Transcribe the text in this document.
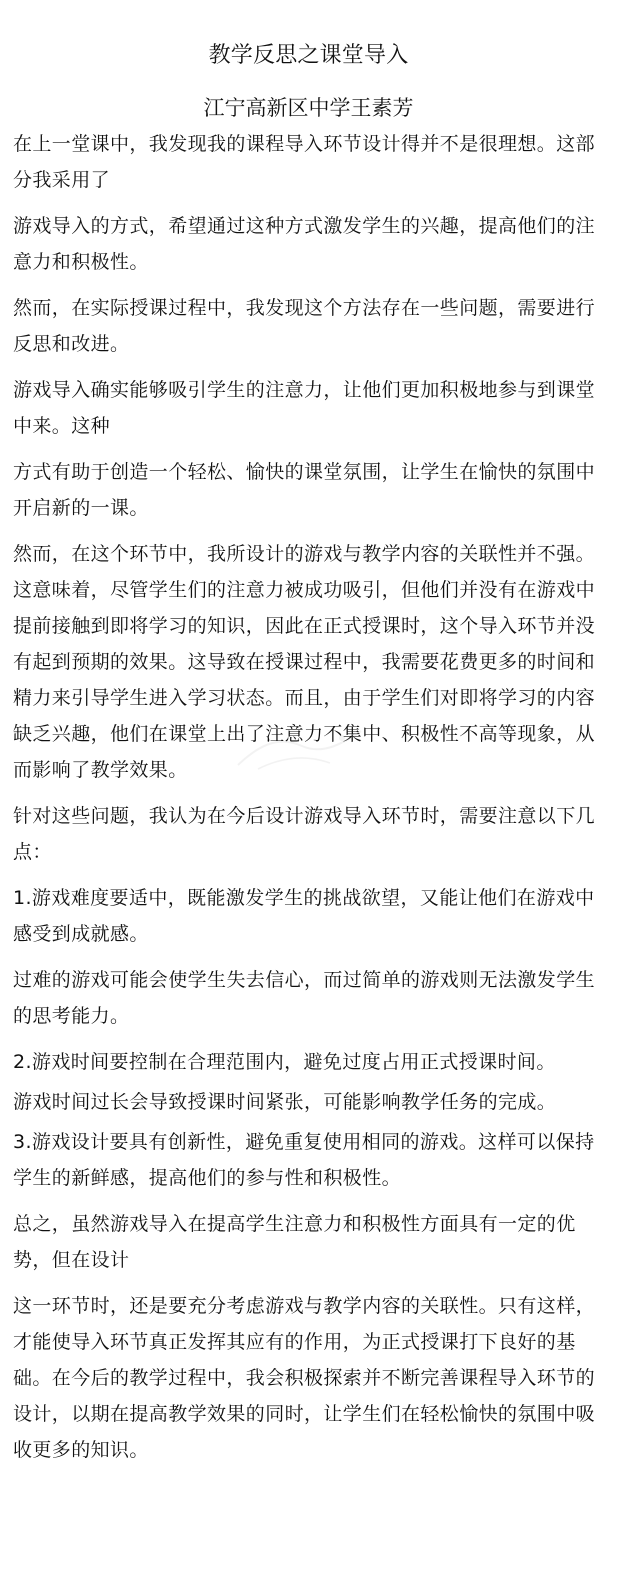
教学反思之课堂导入
江宁高新区中学王素芳

在上一堂课中，我发现我的课程导入环节设计得并不是很理想。这部分我采用了

游戏导入的方式，希望通过这种方式激发学生的兴趣，提高他们的注意力和积极性。

然而，在实际授课过程中，我发现这个方法存在一些问题，需要进行反思和改进。

游戏导入确实能够吸引学生的注意力，让他们更加积极地参与到课堂中来。这种

方式有助于创造一个轻松、愉快的课堂氛围，让学生在愉快的氛围中开启新的一课。

然而，在这个环节中，我所设计的游戏与教学内容的关联性并不强。这意味着，尽管学生们的注意力被成功吸引，但他们并没有在游戏中提前接触到即将学习的知识，因此在正式授课时，这个导入环节并没有起到预期的效果。这导致在授课过程中，我需要花费更多的时间和精力来引导学生进入学习状态。而且，由于学生们对即将学习的内容缺乏兴趣，他们在课堂上出了注意力不集中、积极性不高等现象，从而影响了教学效果。

针对这些问题，我认为在今后设计游戏导入环节时，需要注意以下几点：

1.游戏难度要适中，既能激发学生的挑战欲望，又能让他们在游戏中感受到成就感。

过难的游戏可能会使学生失去信心，而过简单的游戏则无法激发学生的思考能力。

2.游戏时间要控制在合理范围内，避免过度占用正式授课时间。

游戏时间过长会导致授课时间紧张，可能影响教学任务的完成。

3.游戏设计要具有创新性，避免重复使用相同的游戏。这样可以保持学生的新鲜感，提高他们的参与性和积极性。

总之，虽然游戏导入在提高学生注意力和积极性方面具有一定的优势，但在设计

这一环节时，还是要充分考虑游戏与教学内容的关联性。只有这样，才能使导入环节真正发挥其应有的作用，为正式授课打下良好的基础。在今后的教学过程中，我会积极探索并不断完善课程导入环节的设计，以期在提高教学效果的同时，让学生们在轻松愉快的氛围中吸收更多的知识。
